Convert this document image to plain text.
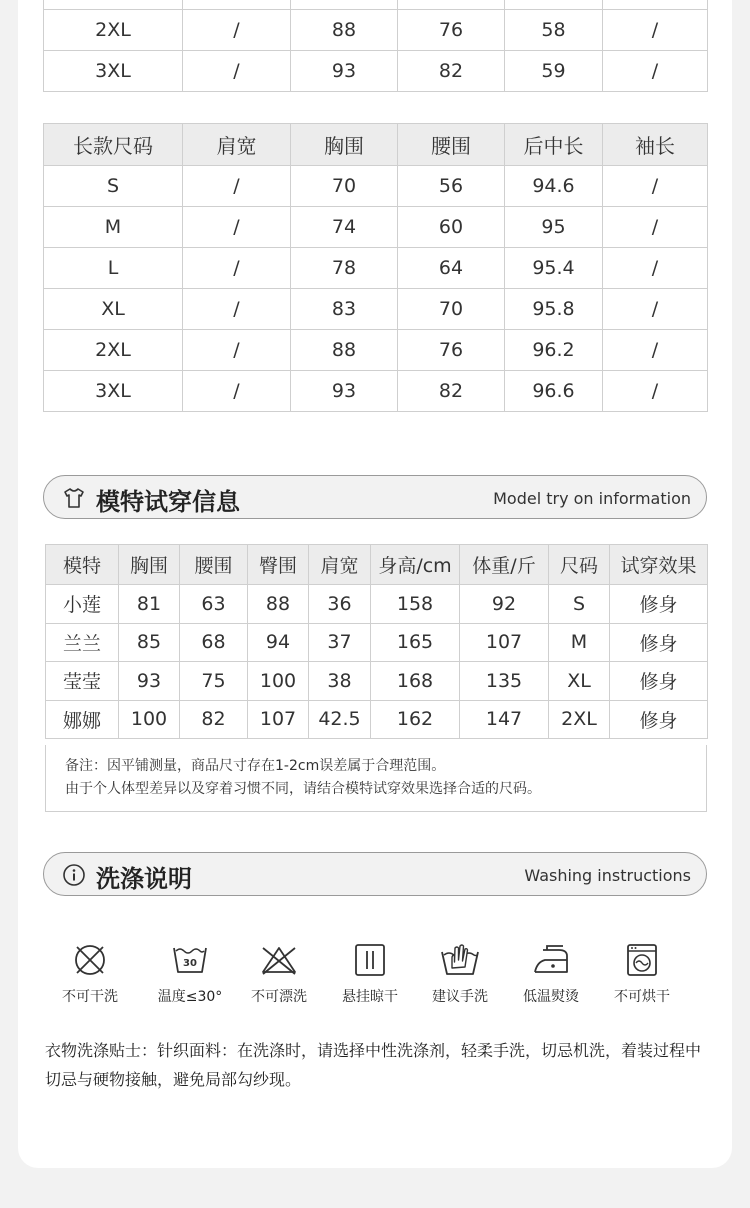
2XL	/	88	76	58	/
3XL	/	93	82	59	/
长款尺码	肩宽	胸围	腰围	后中长	袖长
S	/	70	56	94.6	/
M	/	74	60	95	/
L	/	78	64	95.4	/
XL	/	83	70	95.8	/
2XL	/	88	76	96.2	/
3XL	/	93	82	96.6	/
模特试穿信息	Model try on information
模特	胸围	腰围	臀围	肩宽	身高/cm	体重/斤	尺码	试穿效果
小莲	81	63	88	36	158	92	S	修身
兰兰	85	68	94	37	165	107	M	修身
莹莹	93	75	100	38	168	135	XL	修身
娜娜	100	82	107	42.5	162	147	2XL	修身
备注：因平铺测量，商品尺寸存在1-2cm误差属于合理范围。
由于个人体型差异以及穿着习惯不同，请结合模特试穿效果选择合适的尺码。
洗涤说明	Washing instructions
不可干洗
30
温度≤30°	不可漂洗	悬挂晾干	建议手洗	低温熨烫	不可烘干
衣物洗涤贴士：针织面料：在洗涤时，请选择中性洗涤剂，轻柔手洗，切忌机洗，着装过程中切忌与硬物接触，避免局部勾纱现。
